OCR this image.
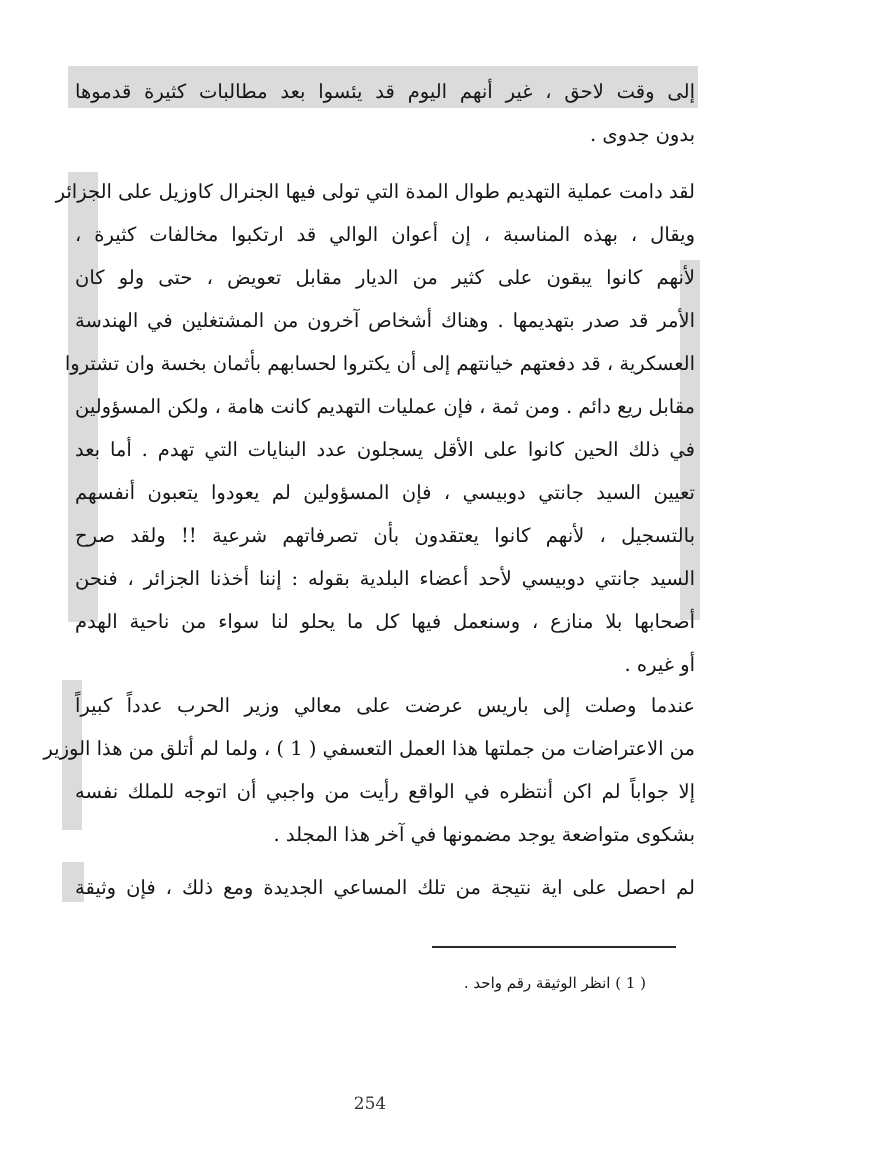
إلى وقت لاحق ، غير أنهم اليوم قد يئسوا بعد مطالبات كثيرة قدموها
بدون جدوى .
لقد دامت عملية التهديم طوال المدة التي تولى فيها الجنرال كاوزيل على الجزائر
ويقال ، بهذه المناسبة ، إن أعوان الوالي قد ارتكبوا مخالفات كثيرة ،
لأنهم كانوا يبقون على كثير من الديار مقابل تعويض ، حتى ولو كان
الأمر قد صدر بتهديمها . وهناك أشخاص آخرون من المشتغلين في الهندسة
العسكرية ، قد دفعتهم خيانتهم إلى أن يكتروا لحسابهم بأثمان بخسة وان تشتروا
مقابل ريع دائم . ومن ثمة ، فإن عمليات التهديم كانت هامة ، ولكن المسؤولين
في ذلك الحين كانوا على الأقل يسجلون عدد البنايات التي تهدم . أما بعد
تعيين السيد جانتي دوبيسي ، فإن المسؤولين لم يعودوا يتعبون أنفسهم
بالتسجيل ، لأنهم كانوا يعتقدون بأن تصرفاتهم شرعية !! ولقد صرح
السيد جانتي دوبيسي لأحد أعضاء البلدية بقوله : إننا أخذنا الجزائر ، فنحن
أصحابها بلا منازع ، وسنعمل فيها كل ما يحلو لنا سواء من ناحية الهدم
أو غيره .
عندما وصلت إلى باريس عرضت على معالي وزير الحرب عدداً كبيراً
من الاعتراضات من جملتها هذا العمل التعسفي ( 1 ) ، ولما لم أتلق من هذا الوزير
إلا جواباً لم اكن أنتظره في الواقع رأيت من واجبي أن اتوجه للملك نفسه
بشكوى متواضعة يوجد مضمونها في آخر هذا المجلد .
لم احصل على اية نتيجة من تلك المساعي الجديدة ومع ذلك ، فإن وثيقة
( 1 ) انظر الوثيقة رقم واحد .
254
